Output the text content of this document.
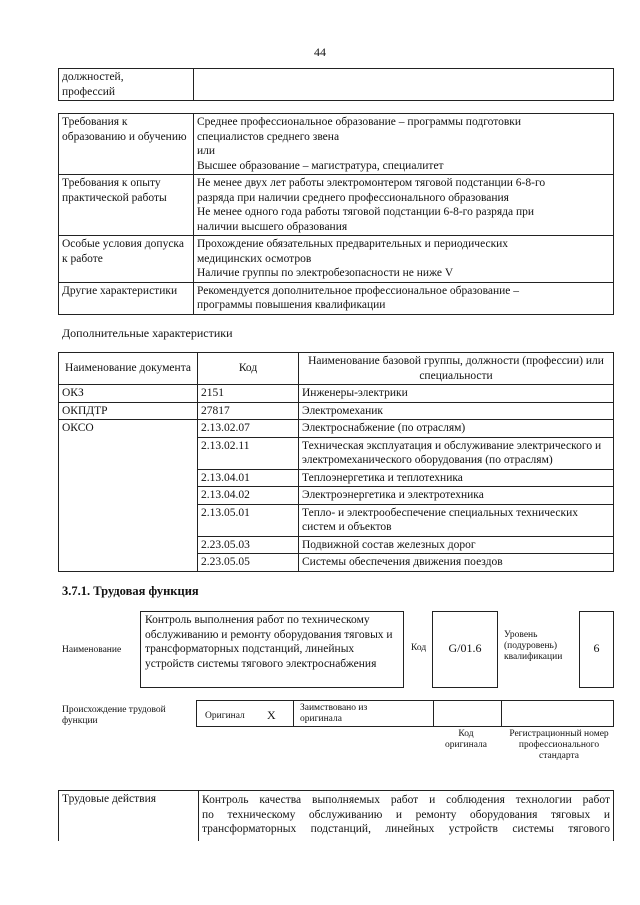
44
должностей,
профессий	
Требования к образованию и обучению	Среднее профессиональное образование – программы подготовки
специалистов среднего звена
или
Высшее образование – магистратура, специалитет

Требования к опыту практической работы	Не менее двух лет работы электромонтером тяговой подстанции 6-8-го
разряда при наличии среднего профессионального образования
Не менее одного года работы тяговой подстанции 6-8-го разряда при
наличии высшего образования

Особые условия допуска к работе	Прохождение обязательных предварительных и периодических
медицинских осмотров
Наличие группы по электробезопасности не ниже V

Другие характеристики	Рекомендуется дополнительное профессиональное образование –
программы повышения квалификации
Дополнительные характеристики
Наименование документа	Код	Наименование базовой группы, должности (профессии) или специальности
ОКЗ	2151	Инженеры-электрики
ОКПДТР	27817	Электромеханик
ОКСО	2.13.02.07	Электроснабжение (по отраслям)
	2.13.02.11	Техническая эксплуатация и обслуживание электрического и электромеханического оборудования (по отраслям)
	2.13.04.01	Теплоэнергетика и теплотехника
	2.13.04.02	Электроэнергетика и электротехника
	2.13.05.01	Тепло- и электрообеспечение специальных технических систем и объектов
	2.23.05.03	Подвижной состав железных дорог
	2.23.05.05	Системы обеспечения движения поездов
3.7.1. Трудовая функция
Наименование
Контроль выполнения работ по техническому обслуживанию и ремонту оборудования тяговых и трансформаторных подстанций, линейных устройств системы тягового электроснабжения
Код	G/01.6
Уровень (подуровень) квалификации
6
Происхождение трудовой функции	Оригинал X	Заимствовано из оригинала
Код оригинала
Регистрационный номер профессионального стандарта
Трудовые действия	Контроль качества выполняемых работ и соблюдения технологии работ
по техническому обслуживанию и ремонту оборудования тяговых и
трансформаторных подстанций, линейных устройств системы тягового
